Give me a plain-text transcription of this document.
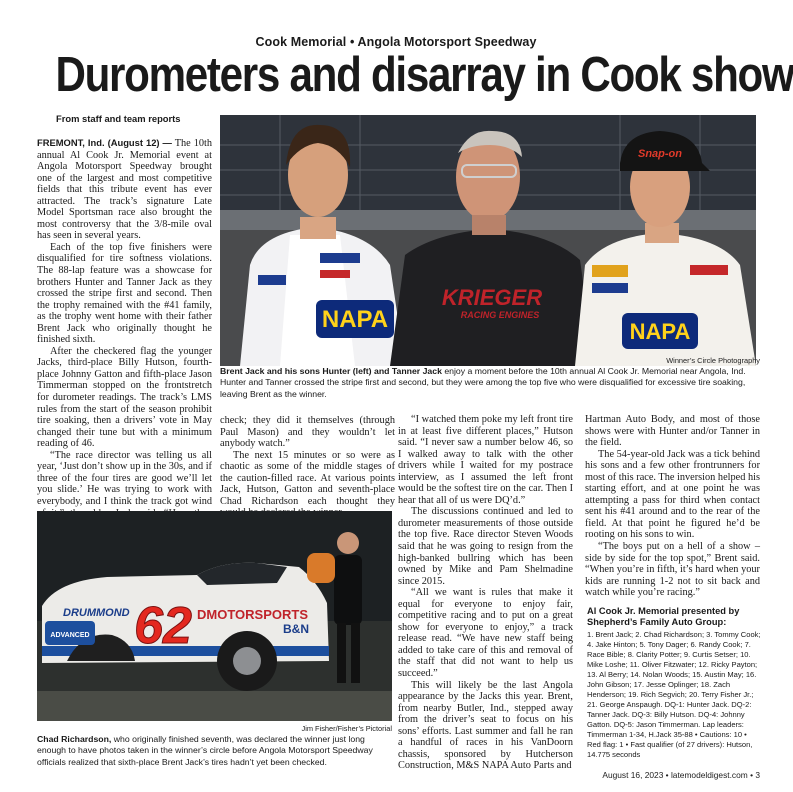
Cook Memorial • Angola Motorsport Speedway
Durometers and disarray in Cook show
From staff and team reports

FREMONT, Ind. (August 12) — The 10th annual Al Cook Jr. Memorial event at Angola Motorsport Speedway brought one of the largest and most competitive fields that this tribute event has ever attracted. The track’s signature Late Model Sportsman race also brought the most controversy that the 3/8-mile oval has seen in several years.

Each of the top five finishers were disqualified for tire softness violations. The 88-lap feature was a showcase for brothers Hunter and Tanner Jack as they crossed the stripe first and second. Then the trophy remained with the #41 family, as the trophy went home with their father Brent Jack who originally thought he finished sixth.

After the checkered flag the younger Jacks, third-place Billy Hutson, fourth-place Johnny Gatton and fifth-place Jason Timmerman stopped on the frontstretch for durometer readings. The track’s LMS rules from the start of the season prohibit tire soaking, then a drivers’ vote in May changed their tune but with a minimum reading of 46.

“The race director was telling us all year, ‘Just don’t show up in the 30s, and if three of the four tires are good we’ll let you slide.’ He was trying to work with everybody, and I think the track got wind

NAPA
KRIEGER
RACING ENGINES
NAPA
Snap-on
Winner’s Circle Photography
Brent Jack and his sons Hunter (left) and Tanner Jack enjoy a moment before the 10th annual Al Cook Jr. Memorial near Angola, Ind. Hunter and Tanner crossed the stripe first and second, but they were among the top five who were disqualified for excessive tire soaking, leaving Brent as the winner.

check; they did it themselves (through Paul Mason) and they wouldn’t let anybody watch.”

The next 15 minutes or so were as chaotic as some of the middle stages of the caution-filled race. At various points Jack, Hutson, Gatton and seventh-place Chad Richardson each thought they

62
DRUMMOND	DMOTORSPORTS
B&N
ADVANCED
Jim Fisher/Fisher’s Pictorial
Chad Richardson, who originally finished seventh, was declared the winner just long enough to have photos taken in the winner’s circle before Angola Motorsport Speedway officials realized that sixth-place Brent Jack’s tires hadn’t yet been checked.

“I watched them poke my left front tire in at least five different places,” Hutson said. “I never saw a number below 46, so I walked away to talk with the other drivers while I waited for my postrace interview, as I assumed the left front would be the softest tire on the car. Then I hear that all of us were DQ’d.”

The discussions continued and led to durometer measurements of those outside the top five. Race director Steven Woods said that he was going to resign from the high-banked bullring which has been owned by Mike and Pam Shelmadine since 2015.

“All we want is rules that make it equal for everyone to enjoy fair, competitive racing and to put on a great show for everyone to enjoy,” a track release read. “We have new staff being added to take care of this and removal of the staff that did not want to help us succeed.”

This will likely be the last Angola appearance by the Jacks this year. Brent, from nearby Butler, Ind., stepped away from the driver’s seat to focus on his sons’ efforts. Last summer and fall he ran a handful of races in his VanDoorn chassis, sponsored by Hutcherson Construction, M&S NAPA Auto Parts and

Hartman Auto Body, and most of those shows were with Hunter and/or Tanner in the field.

The 54-year-old Jack was a tick behind his sons and a few other frontrunners for most of this race. The inversion helped his starting effort, and at one point he was attempting a pass for third when contact sent his #41 around and to the rear of the field. At that point he figured he’d be rooting on his sons to win.

“The boys put on a hell of a show – side by side for the top spot,” Brent said. “When you’re in fifth, it’s hard when your kids are running 1-2 not to sit back and watch while you’re racing.”

Al Cook Jr. Memorial presented by Shepherd’s Family Auto Group:
1. Brent Jack; 2. Chad Richardson; 3. Tommy Cook; 4. Jake Hinton; 5. Tony Dager; 6. Randy Cook; 7. Race Bible; 8. Clarity Potter; 9. Curtis Setser; 10. Mike Loshe; 11. Oliver Fitzwater; 12. Ricky Payton; 13. Al Berry; 14. Nolan Woods; 15. Austin May; 16. John Gibson; 17. Jesse Oplinger; 18. Zach Henderson; 19. Rich Segvich; 20. Terry Fisher Jr.; 21. George Anspaugh. DQ-1: Hunter Jack. DQ-2: Tanner Jack. DQ-3: Billy Hutson. DQ-4: Johnny Gatton. DQ-5: Jason Timmerman. Lap leaders: Timmerman 1-34, H.Jack 35-88 • Cautions: 10 • Red flag: 1 • Fast qualifier (of 27 drivers): Hutson, 14.775 seconds
August 16, 2023 • latemodeldigest.com • 3
